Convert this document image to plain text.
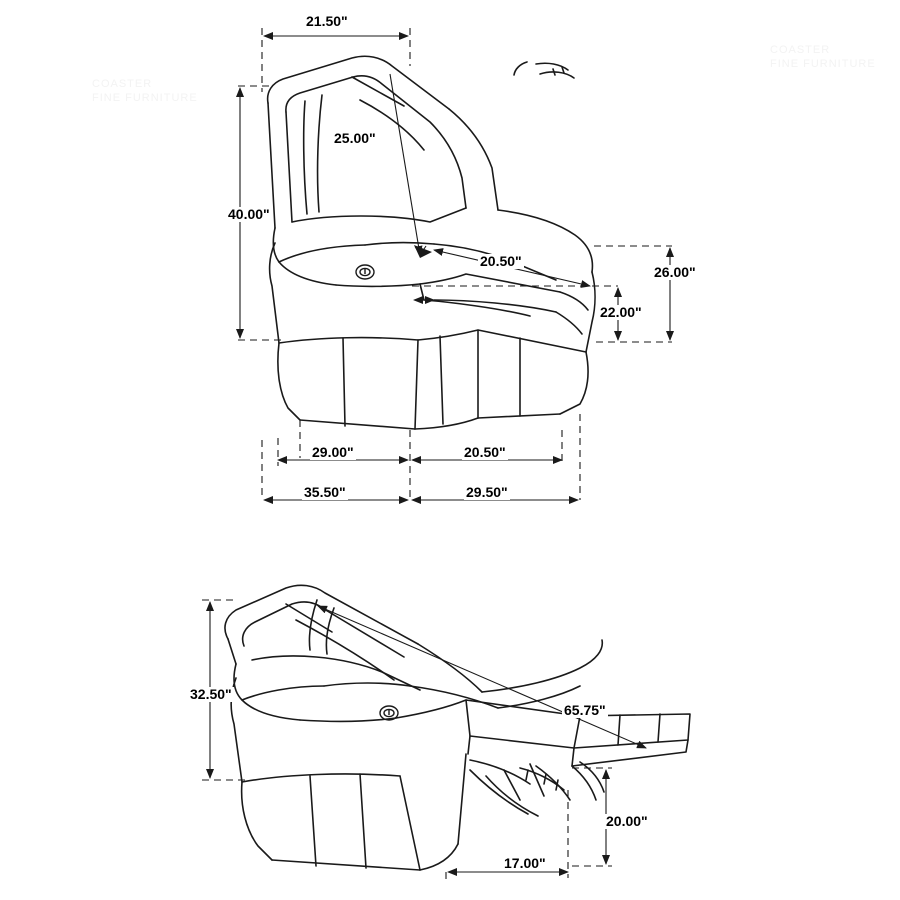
COASTER
FINE FURNITURE
COASTER
FINE FURNITURE
21.50"
25.00"
40.00"
20.50"
26.00"
22.00"
29.00"	20.50"
35.50"	29.50"
32.50"
65.75"
20.00"
17.00"
